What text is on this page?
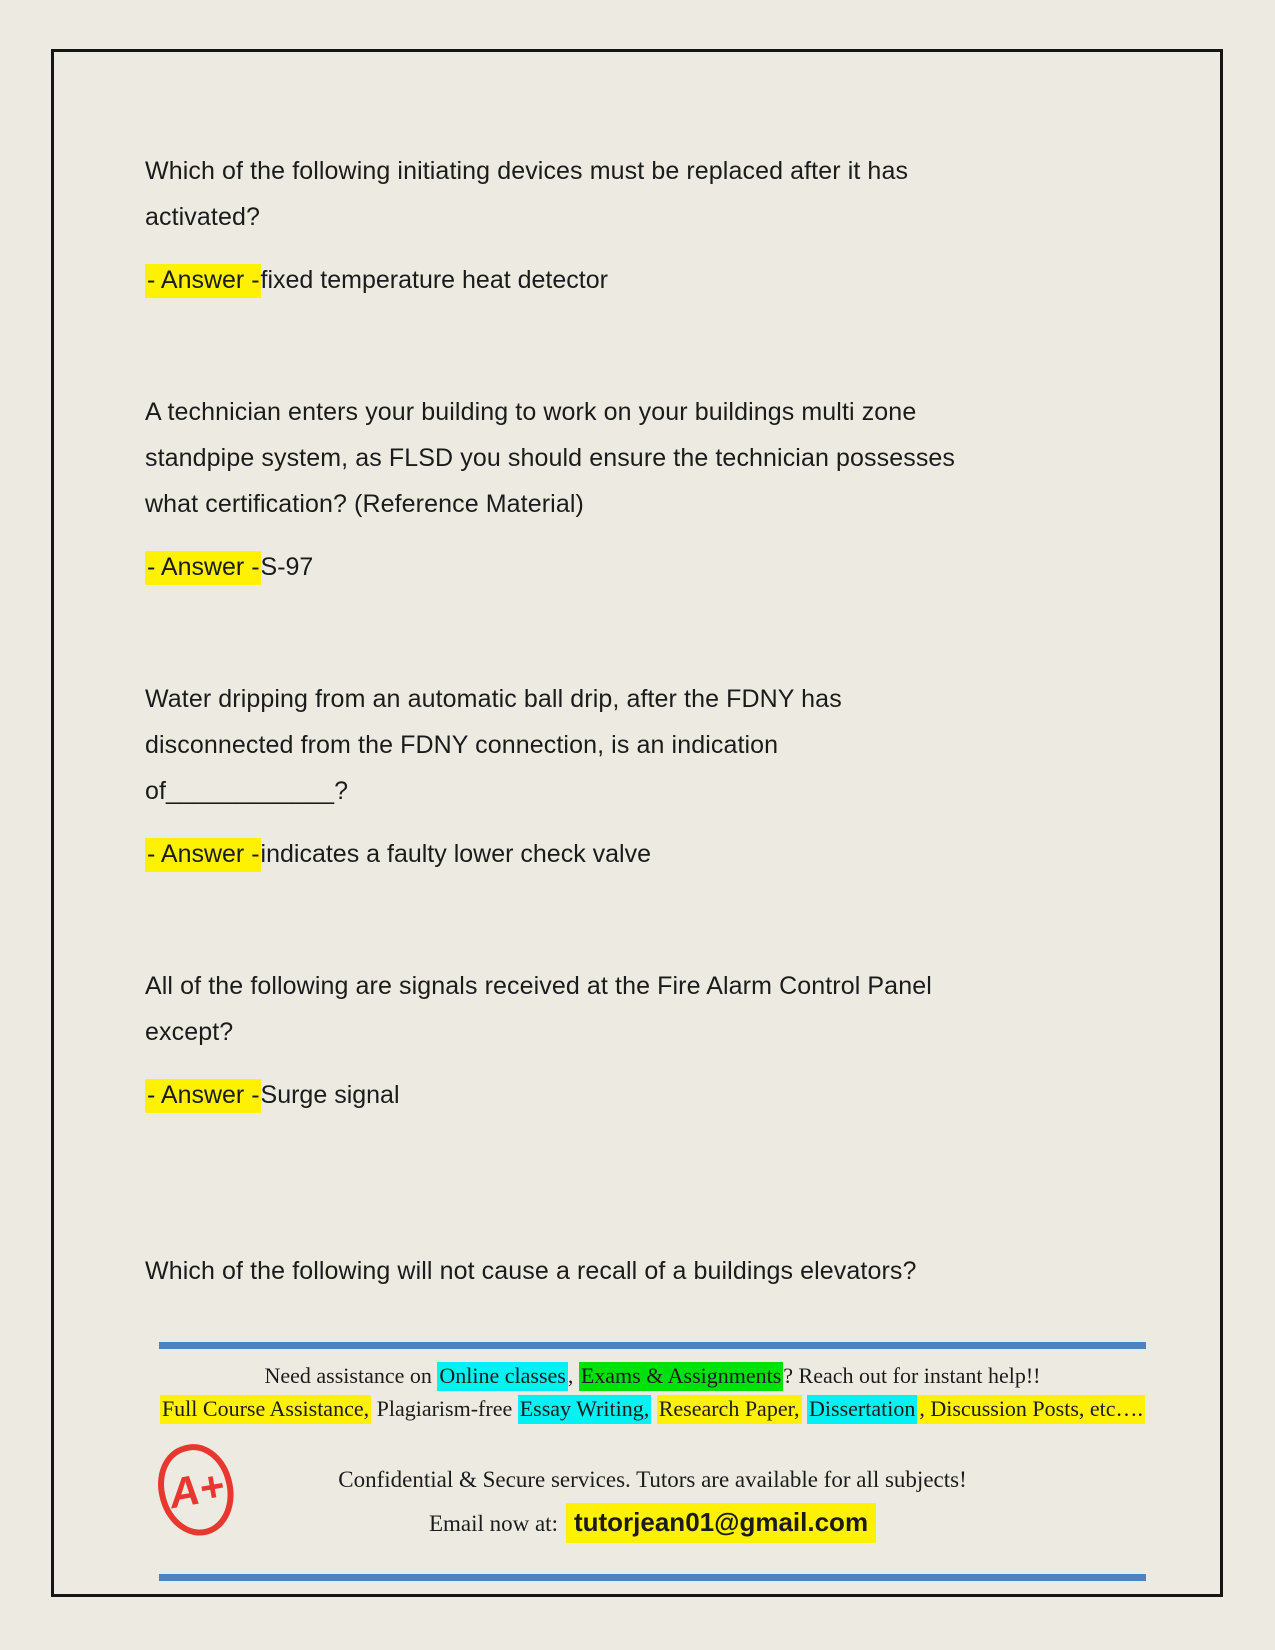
Which of the following initiating devices must be replaced after it has
activated?

- Answer -fixed temperature heat detector

A technician enters your building to work on your buildings multi zone
standpipe system, as FLSD you should ensure the technician possesses
what certification? (Reference Material)

- Answer -S-97

Water dripping from an automatic ball drip, after the FDNY has
disconnected from the FDNY connection, is an indication
of____________?

- Answer -indicates a faulty lower check valve

All of the following are signals received at the Fire Alarm Control Panel
except?

- Answer -Surge signal

Which of the following will not cause a recall of a buildings elevators?

Need assistance on Online classes, Exams & Assignments? Reach out for instant help!!

Full Course Assistance, Plagiarism-free Essay Writing, Research Paper, Dissertation , Discussion Posts, etc….

Confidential & Secure services. Tutors are available for all subjects!

Email now at: tutorjean01@gmail.com

A+
